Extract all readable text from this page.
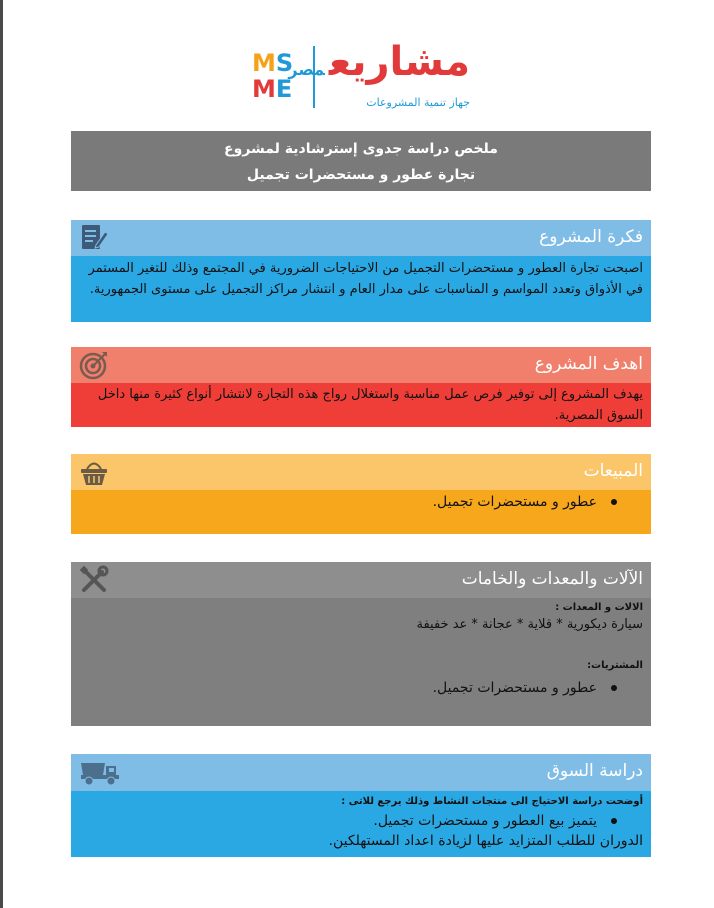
M S
M E
مشاريعمصر
جهاز تنمية المشروعات
ملخص دراسة جدوى إسترشادية لمشروع
تجارة عطور و مستحضرات تجميل
فكرة المشروع
اصبحت تجارة العطور و مستحضرات التجميل من الاحتياجات الضرورية في المجتمع وذلك للتغير المستمر في الأذواق وتعدد المواسم و المناسبات على مدار العام و انتشار مراكز التجميل على مستوى الجمهورية.
اهدف المشروع
يهدف المشروع إلى توفير فرص عمل مناسبة واستغلال رواج هذه التجارة لانتشار أنواع كثيرة منها داخل السوق المصرية.
المبيعات
عطور و مستحضرات تجميل.
الآلات والمعدات والخامات
الالات و المعدات :
سيارة ديكورية * قلاية * عجانة * عد خفيفة
المشتريات:
عطور و مستحضرات تجميل.
دراسة السوق
أوضحت دراسة الاحتياج الى منتجات النشاط وذلك يرجع للاتى :
يتميز بيع العطور و مستحضرات تجميل.
الدوران للطلب المتزايد عليها لزيادة اعداد المستهلكين.
